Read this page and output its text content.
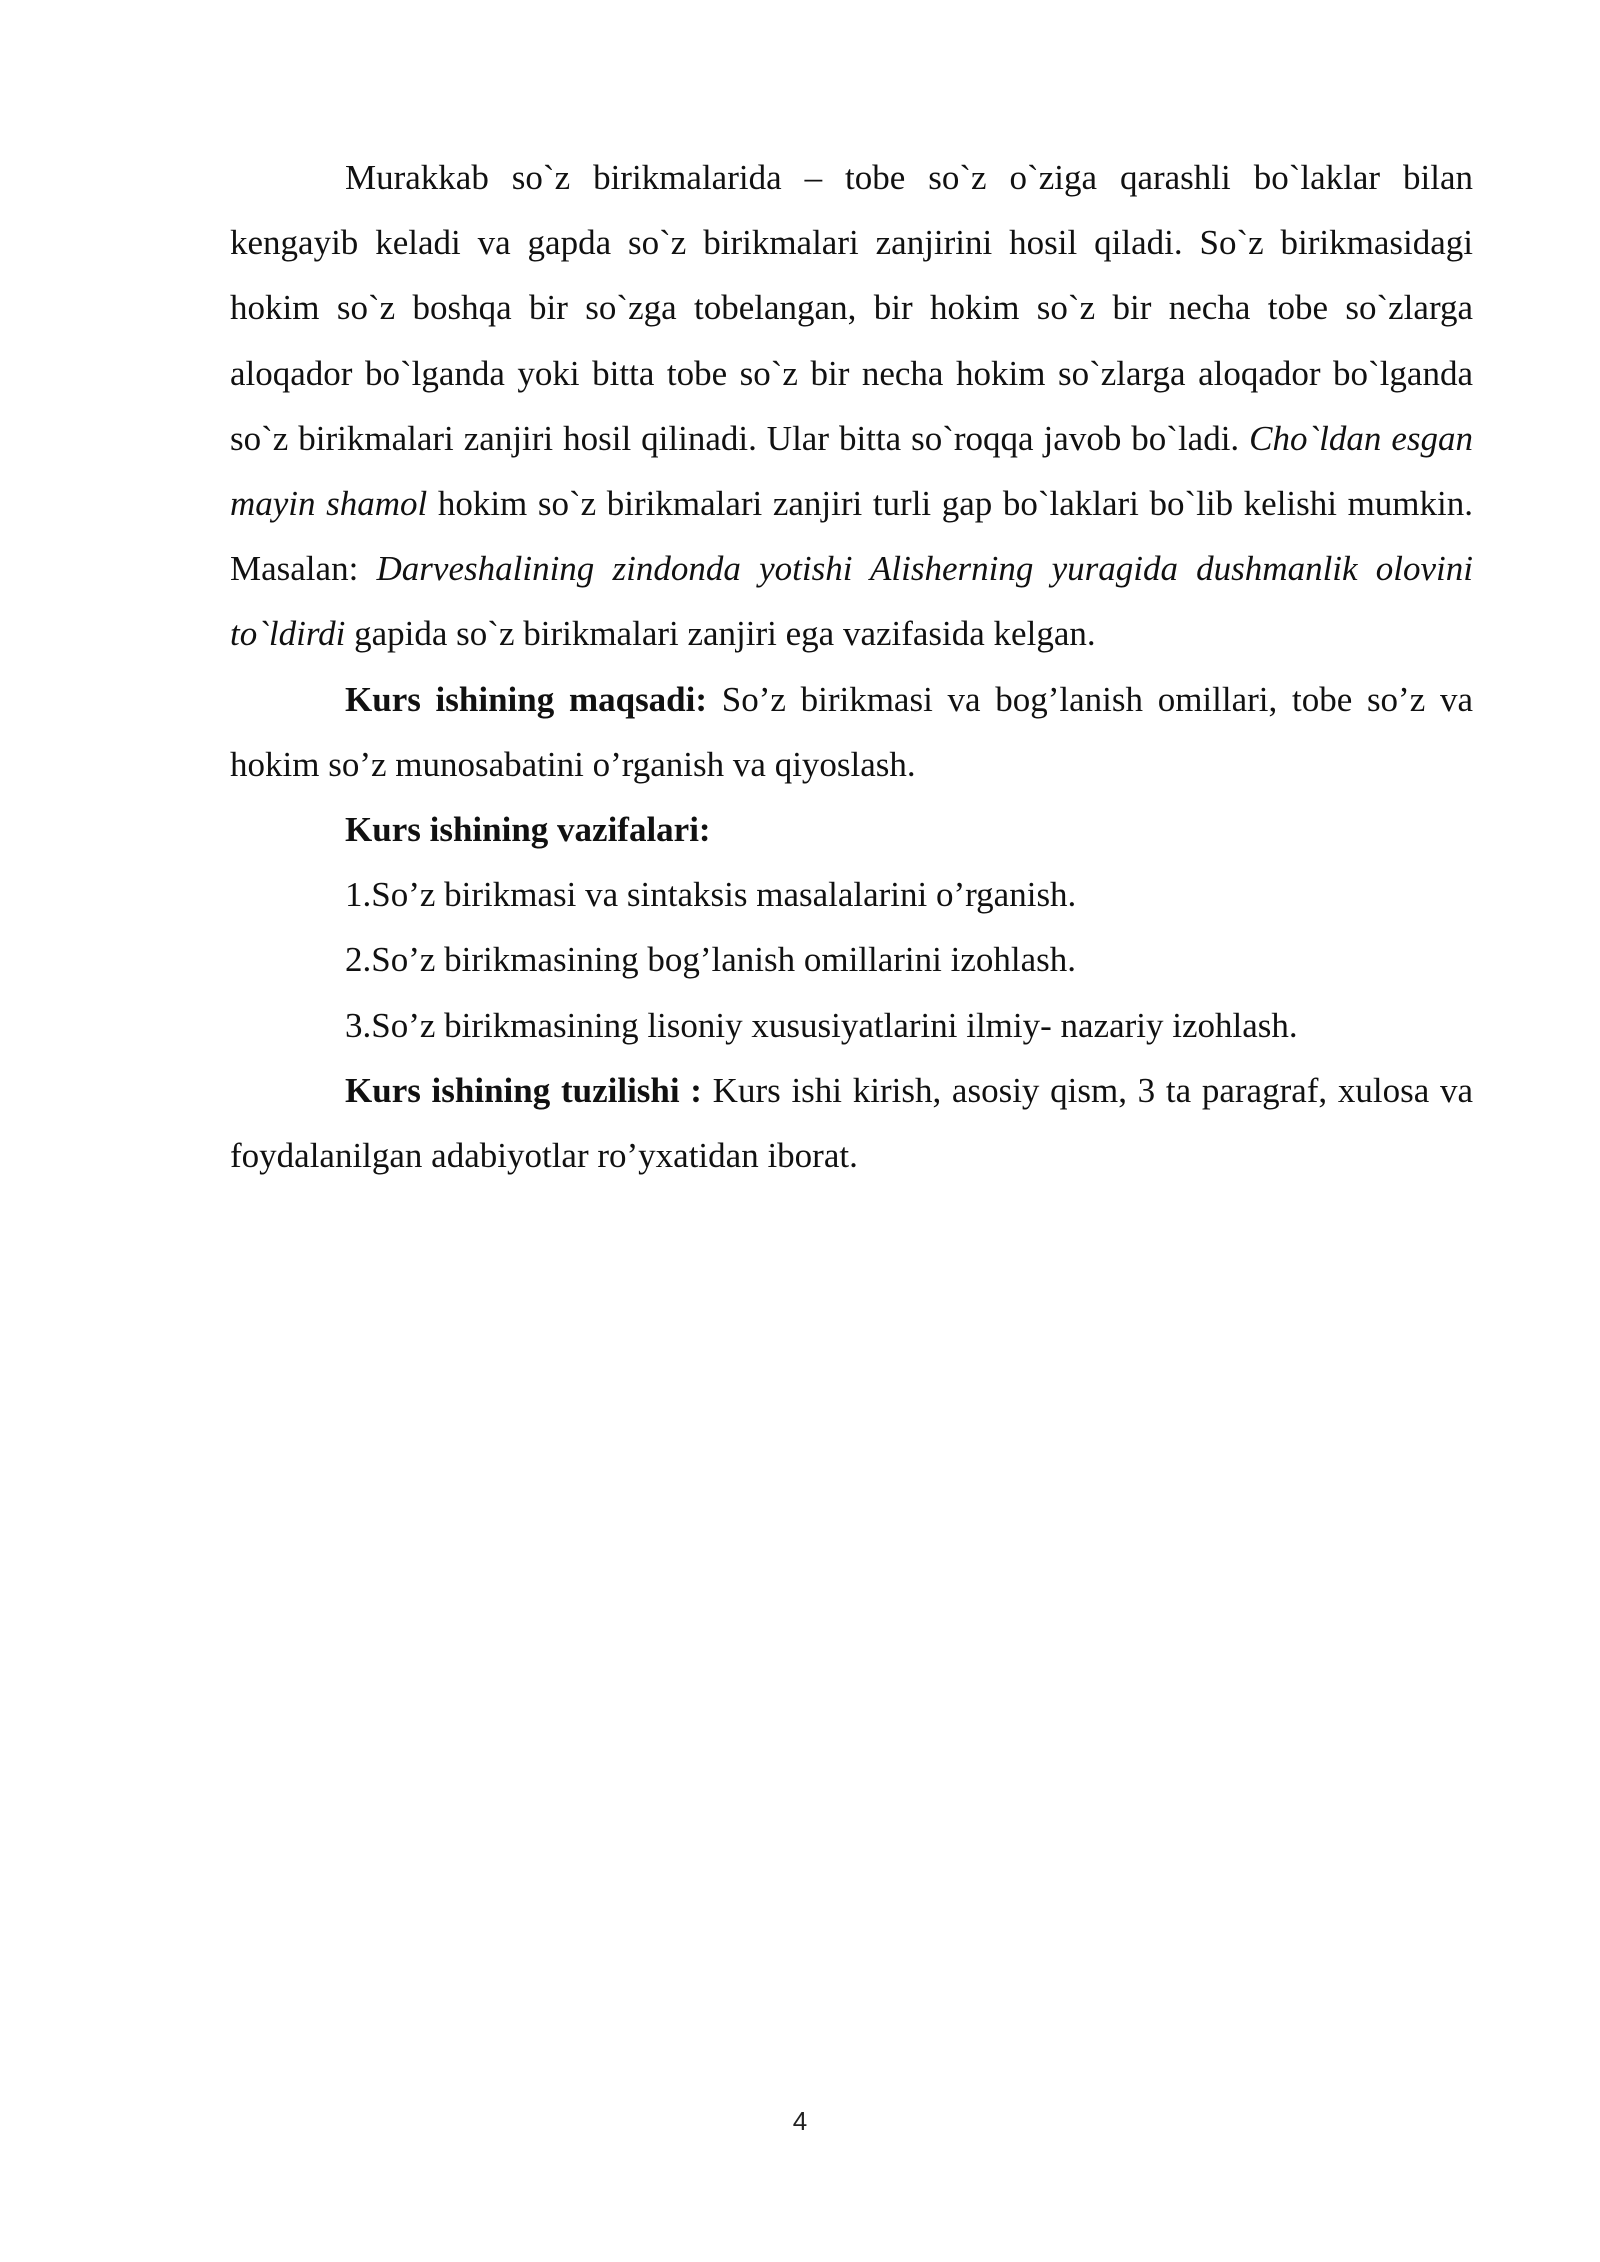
Murakkab so`z birikmalarida – tobe so`z o`ziga qarashli bo`laklar bilan kengayib keladi va gapda so`z birikmalari zanjirini hosil qiladi. So`z birikmasidagi hokim so`z boshqa bir so`zga tobelangan, bir hokim so`z bir necha tobe so`zlarga aloqador bo`lganda yoki bitta tobe so`z bir necha hokim so`zlarga aloqador bo`lganda so`z birikmalari zanjiri hosil qilinadi. Ular bitta so`roqqa javob bo`ladi. Cho`ldan esgan mayin shamol hokim so`z birikmalari zanjiri turli gap bo`laklari bo`lib kelishi mumkin. Masalan: Darveshalining zindonda yotishi Alisherning yuragida dushmanlik olovini to`ldirdi gapida so`z birikmalari zanjiri ega vazifasida kelgan.

Kurs ishining maqsadi: So’z birikmasi va bog’lanish omillari, tobe so’z va hokim so’z munosabatini o’rganish va qiyoslash.

Kurs ishining vazifalari:

1.So’z birikmasi va sintaksis masalalarini o’rganish.

2.So’z birikmasining bog’lanish omillarini izohlash.

3.So’z birikmasining lisoniy xususiyatlarini ilmiy- nazariy izohlash.

Kurs ishining tuzilishi : Kurs ishi kirish, asosiy qism, 3 ta paragraf, xulosa va foydalanilgan adabiyotlar ro’yxatidan iborat.

4
